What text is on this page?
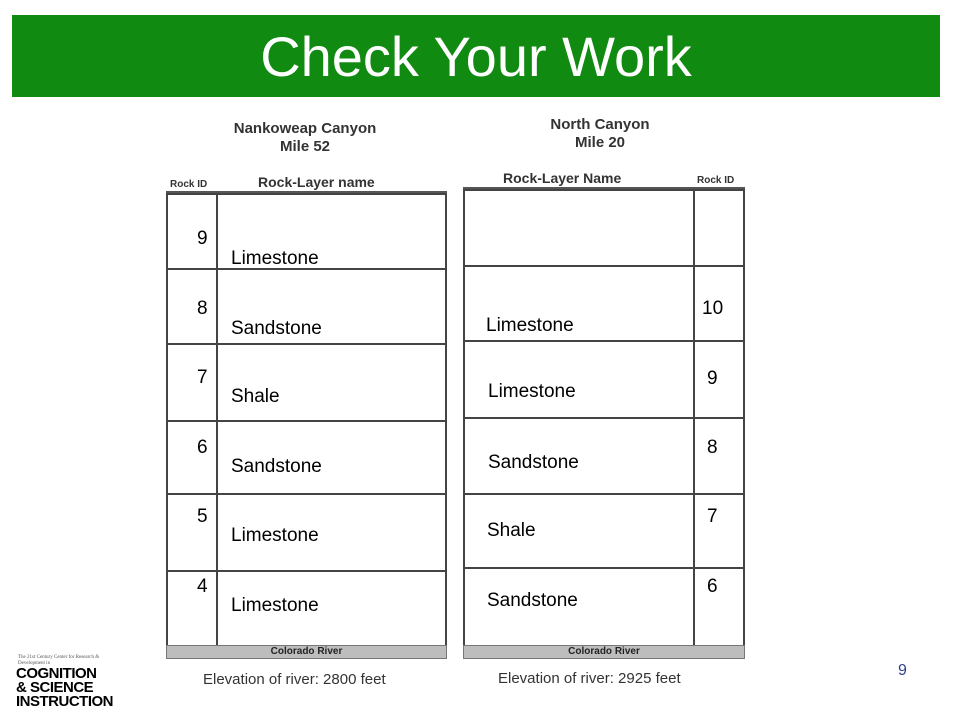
Check Your Work
Nankoweap Canyon
Mile 52
Rock ID	Rock-Layer name
9
Limestone
8
Sandstone
7
Shale
6
Sandstone
5
Limestone
4
Limestone
Colorado River
Elevation of river: 2800 feet
North Canyon
Mile 20
Rock-Layer Name	Rock ID
10
Limestone
9
Limestone
8
Sandstone
7
Shale
6
Sandstone
Colorado River
Elevation of river: 2925 feet
The 21st Century Center for Research & Development in
COGNITION
& SCIENCE
INSTRUCTION
9
